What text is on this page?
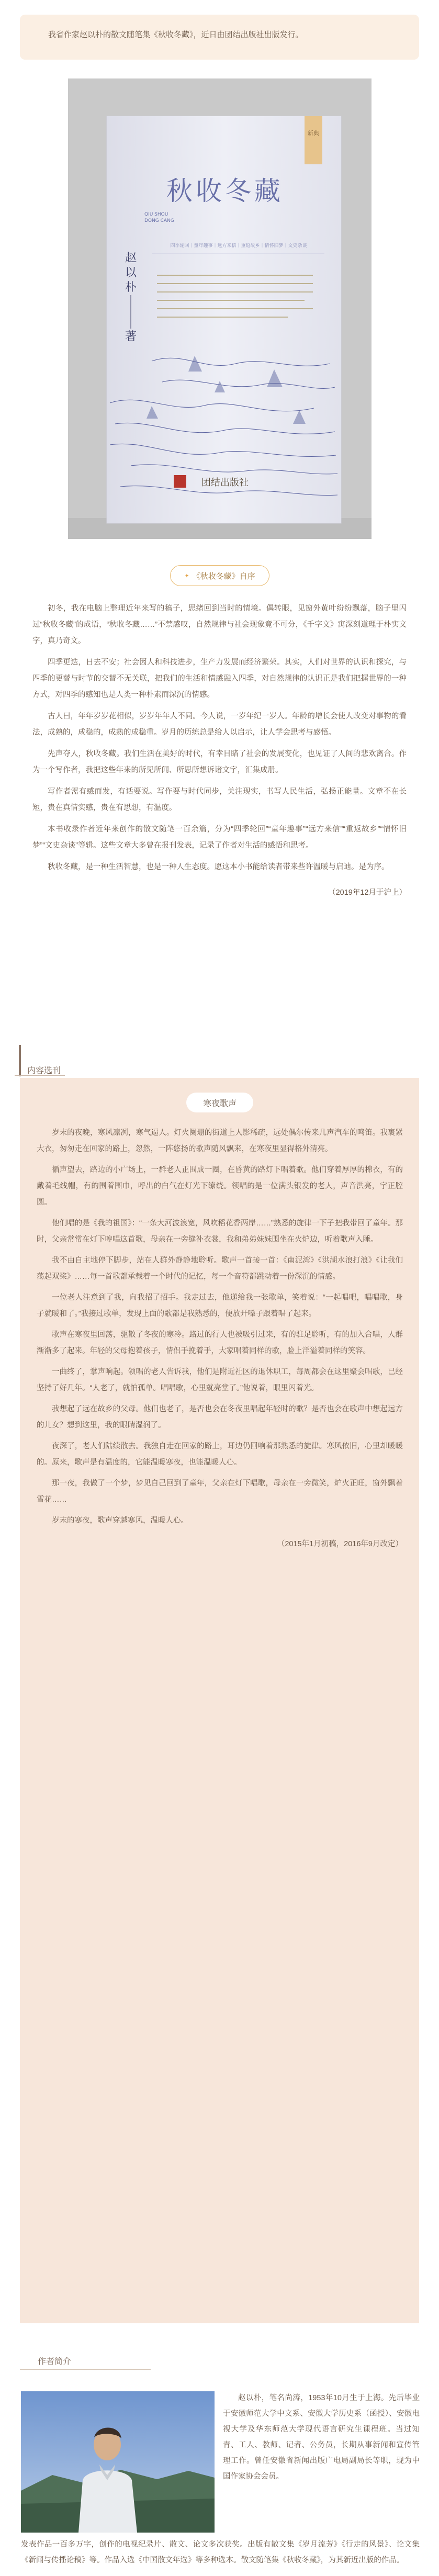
我省作家赵以朴的散文随笔集《秋收冬藏》，近日由团结出版社出版发行。

新典
秋收冬藏
QIU SHOU
DONG CANG
赵
以
朴
著
四季轮回｜童年趣事｜远方来信｜重返故乡｜情怀旧梦｜文史杂谈
团结出版社
✦ 《秋收冬藏》自序

初冬，我在电脑上整理近年来写的稿子，思绪回到当时的情境。偶转眼，见窗外黄叶纷纷飘落，脑子里闪过“秋收冬藏”的成语，“秋收冬藏……”不禁感叹，自然规律与社会现象竟不可分，《千字文》寓深刻道理于朴实文字，真乃奇文。

四季更迭，日去不安；社会因人和科技进步，生产力发展而经济繁荣。其实，人们对世界的认识和探究，与四季的更替与时节的交替不无关联，把我们的生活和情感融入四季，对自然规律的认识正是我们把握世界的一种方式，对四季的感知也是人类一种朴素而深沉的情感。

古人曰，年年岁岁花相似，岁岁年年人不同。今人说，一岁年纪一岁人。年龄的增长会使人改变对事物的看法，成熟的，成稳的，成熟的成稳重。岁月的历练总是给人以启示，让人学会思考与感悟。

先声夺人，秋收冬藏。我们生活在美好的时代，有幸目睹了社会的发展变化，也见证了人间的悲欢离合。作为一个写作者，我把这些年来的所见所闻、所思所想诉诸文字，汇集成册。

写作者需有感而发，有话要说。写作要与时代同步，关注现实，书写人民生活，弘扬正能量。文章不在长短，贵在真情实感，贵在有思想，有温度。

本书收录作者近年来创作的散文随笔一百余篇，分为“四季轮回”“童年趣事”“远方来信”“重返故乡”“情怀旧梦”“文史杂谈”等辑。这些文章大多曾在报刊发表，记录了作者对生活的感悟和思考。

秋收冬藏，是一种生活智慧，也是一种人生态度。愿这本小书能给读者带来些许温暖与启迪。是为序。

（2019年12月于沪上）

内容选刊
寒夜歌声

岁末的夜晚，寒风凛冽，寒气逼人。灯火阑珊的街道上人影稀疏，远处偶尔传来几声汽车的鸣笛。我裹紧大衣，匆匆走在回家的路上，忽然，一阵悠扬的歌声随风飘来，在寒夜里显得格外清亮。

循声望去，路边的小广场上，一群老人正围成一圈，在昏黄的路灯下唱着歌。他们穿着厚厚的棉衣，有的戴着毛线帽，有的围着围巾，呼出的白气在灯光下缭绕。领唱的是一位满头银发的老人，声音洪亮，字正腔圆。

他们唱的是《我的祖国》：“一条大河波浪宽，风吹稻花香两岸……”熟悉的旋律一下子把我带回了童年。那时，父亲常常在灯下哼唱这首歌，母亲在一旁缝补衣裳，我和弟弟妹妹围坐在火炉边，听着歌声入睡。

我不由自主地停下脚步，站在人群外静静地聆听。歌声一首接一首：《南泥湾》《洪湖水浪打浪》《让我们荡起双桨》……每一首歌都承载着一个时代的记忆，每一个音符都跳动着一份深沉的情感。

一位老人注意到了我，向我招了招手。我走过去，他递给我一张歌单，笑着说：“一起唱吧，唱唱歌，身子就暖和了。”我接过歌单，发现上面的歌都是我熟悉的，便放开嗓子跟着唱了起来。

歌声在寒夜里回荡，驱散了冬夜的寒冷。路过的行人也被吸引过来，有的驻足聆听，有的加入合唱，人群渐渐多了起来。年轻的父母抱着孩子，情侣手挽着手，大家唱着同样的歌，脸上洋溢着同样的笑容。

一曲终了，掌声响起。领唱的老人告诉我，他们是附近社区的退休职工，每周都会在这里聚会唱歌，已经坚持了好几年。“人老了，就怕孤单。唱唱歌，心里就亮堂了。”他说着，眼里闪着光。

我想起了远在故乡的父母。他们也老了，是否也会在冬夜里唱起年轻时的歌？是否也会在歌声中想起远方的儿女？想到这里，我的眼睛湿润了。

夜深了，老人们陆续散去。我独自走在回家的路上，耳边仍回响着那熟悉的旋律。寒风依旧，心里却暖暖的。原来，歌声是有温度的，它能温暖寒夜，也能温暖人心。

那一夜，我做了一个梦，梦见自己回到了童年，父亲在灯下唱歌，母亲在一旁微笑，炉火正旺，窗外飘着雪花……

岁末的寒夜，歌声穿越寒风，温暖人心。

（2015年1月初稿，2016年9月改定）

作者简介

赵以朴，笔名尚涛，1953年10月生于上海。先后毕业于安徽师范大学中文系、安徽大学历史系（函授）、安徽电视大学及华东师范大学现代语言研究生课程班。当过知青、工人、教师、记者、公务员，长期从事新闻和宣传管理工作。曾任安徽省新闻出版广电局副局长等职，现为中国作家协会会员。

发表作品一百多万字，创作的电视纪录片、散文、论文多次获奖。出版有散文集《岁月流芳》《行走的风景》、论文集《新闻与传播论稿》等。作品入选《中国散文年选》等多种选本。散文随笔集《秋收冬藏》，为其新近出版的作品。
